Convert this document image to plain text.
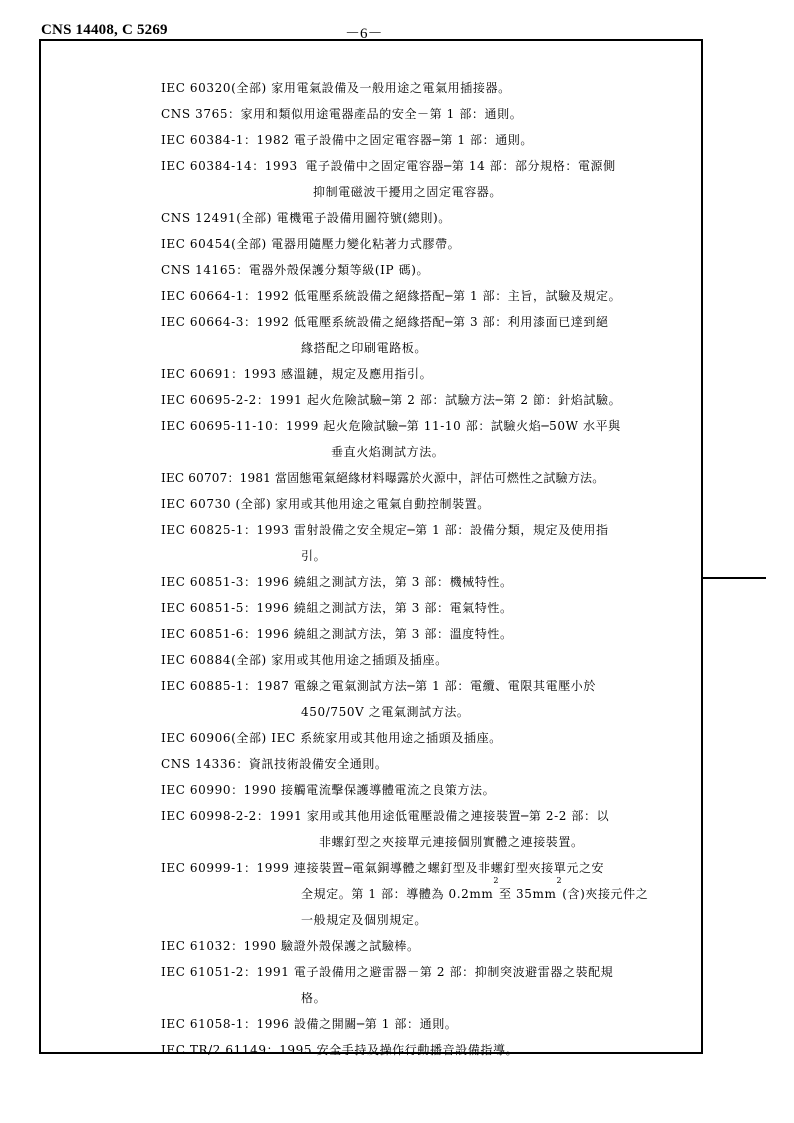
CNS 14408, C 5269	－6－
IEC 60320(全部)
家用電氣設備及一般用途之電氣用插接器。
CNS 3765： 家用和類似用途電器產品的安全－第 1 部：通則。
IEC 60384-1：1982
電子設備中之固定電容器─第 1 部：通則。
IEC 60384-14：1993
電子設備中之固定電容器─第 14 部：部分規格：電源側
抑制電磁波干擾用之固定電容器。
CNS 12491(全部)
電機電子設備用圖符號(總則)。
IEC 60454(全部)
電器用隨壓力變化粘著力式膠帶。
CNS 14165： 電器外殼保護分類等級(IP 碼)。
IEC 60664-1：1992
低電壓系統設備之絕緣搭配─第 1 部：主旨，試驗及規定。
IEC 60664-3：1992
低電壓系統設備之絕緣搭配─第 3 部：利用漆面已達到絕
緣搭配之印刷電路板。
IEC 60691：1993
感溫鏈，規定及應用指引。
IEC 60695-2-2：1991
起火危險試驗─第 2 部：試驗方法─第 2 節：針焰試驗。
IEC 60695-11-10：1999
起火危險試驗─第 11-10 部：試驗火焰─50W 水平與
垂直火焰測試方法。
IEC 60707：1981
當固態電氣絕緣材料曝露於火源中，評估可燃性之試驗方法。
IEC 60730 (全部)
家用或其他用途之電氣自動控制裝置。
IEC 60825-1：1993
雷射設備之安全規定─第 1 部：設備分類，規定及使用指
引。
IEC 60851-3：1996
繞組之測試方法，第 3 部：機械特性。
IEC 60851-5：1996
繞組之測試方法，第 3 部：電氣特性。
IEC 60851-6：1996
繞組之測試方法，第 3 部：溫度特性。
IEC 60884(全部)
家用或其他用途之插頭及插座。
IEC 60885-1：1987
電線之電氣測試方法─第 1 部：電纜、電限其電壓小於
450/750V 之電氣測試方法。
IEC 60906(全部)
IEC 系統家用或其他用途之插頭及插座。
CNS 14336： 資訊技術設備安全通則。
IEC 60990：1990
接觸電流擊保護導體電流之良策方法。
IEC 60998-2-2：1991
家用或其他用途低電壓設備之連接裝置─第 2-2 部：以
非螺釘型之夾接單元連接個別實體之連接裝置。
IEC 60999-1：1999
連接裝置─電氣銅導體之螺釘型及非螺釘型夾接單元之安
全規定。第 1 部：導體為 0.2mm
2
至 35mm
2
(含)夾接元件之
一般規定及個別規定。
IEC 61032：1990
驗證外殼保護之試驗棒。
IEC 61051-2：1991
電子設備用之避雷器－第 2 部：抑制突波避雷器之裝配規
格。
IEC 61058-1：1996
設備之開關─第 1 部：通則。
IEC TR/2 61149：1995
安全手持及操作行動播音設備指導。
